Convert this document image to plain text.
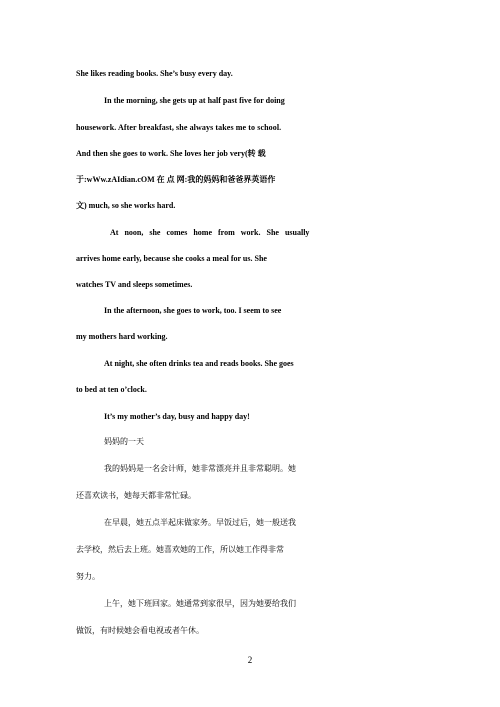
She likes reading books. She’s busy every day.
In the morning, she gets up at half past five for doing
housework. After breakfast, she always takes me to school.
And then she goes to work. She loves her job very(转 载
于:wWw.zAIdian.cOM 在 点 网:我的妈妈和爸爸界英语作
文) much, so she works hard.
At noon, she comes home from work. She usually
arrives home early, because she cooks a meal for us. She
watches TV and sleeps sometimes.
In the afternoon, she goes to work, too. I seem to see
my mothers hard working.
At night, she often drinks tea and reads books. She goes
to bed at ten o’clock.
It’s my mother’s day, busy and happy day!
妈妈的一天
我的妈妈是一名会计师，她非常漂亮并且非常聪明。她
还喜欢读书，她每天都非常忙碌。
在早晨，她五点半起床做家务。早饭过后，她一般送我
去学校，然后去上班。她喜欢她的工作，所以她工作得非常
努力。
上午，她下班回家。她通常到家很早，因为她要给我们
做饭，有时候她会看电视或者午休。
2
